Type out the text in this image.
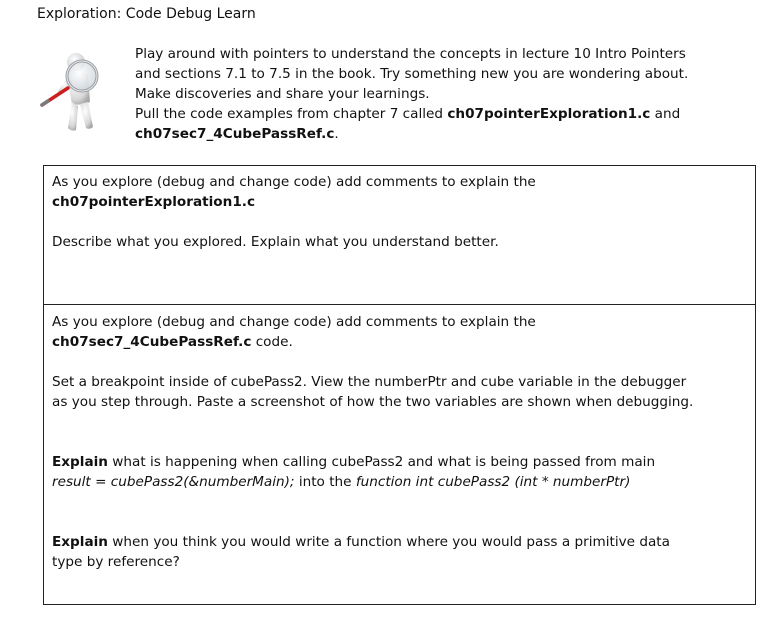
Exploration: Code Debug Learn

Play around with pointers to understand the concepts in lecture 10 Intro Pointers

and sections 7.1 to 7.5 in the book. Try something new you are wondering about.

Make discoveries and share your learnings.

Pull the code examples from chapter 7 called ch07pointerExploration1.c and

ch07sec7_4CubePassRef.c.

As you explore (debug and change code) add comments to explain the

ch07pointerExploration1.c

Describe what you explored. Explain what you understand better.

As you explore (debug and change code) add comments to explain the

ch07sec7_4CubePassRef.c code.

Set a breakpoint inside of cubePass2. View the numberPtr and cube variable in the debugger

as you step through. Paste a screenshot of how the two variables are shown when debugging.

Explain what is happening when calling cubePass2 and what is being passed from main

result = cubePass2(&numberMain); into the function int cubePass2 (int * numberPtr)

Explain when you think you would write a function where you would pass a primitive data

type by reference?
